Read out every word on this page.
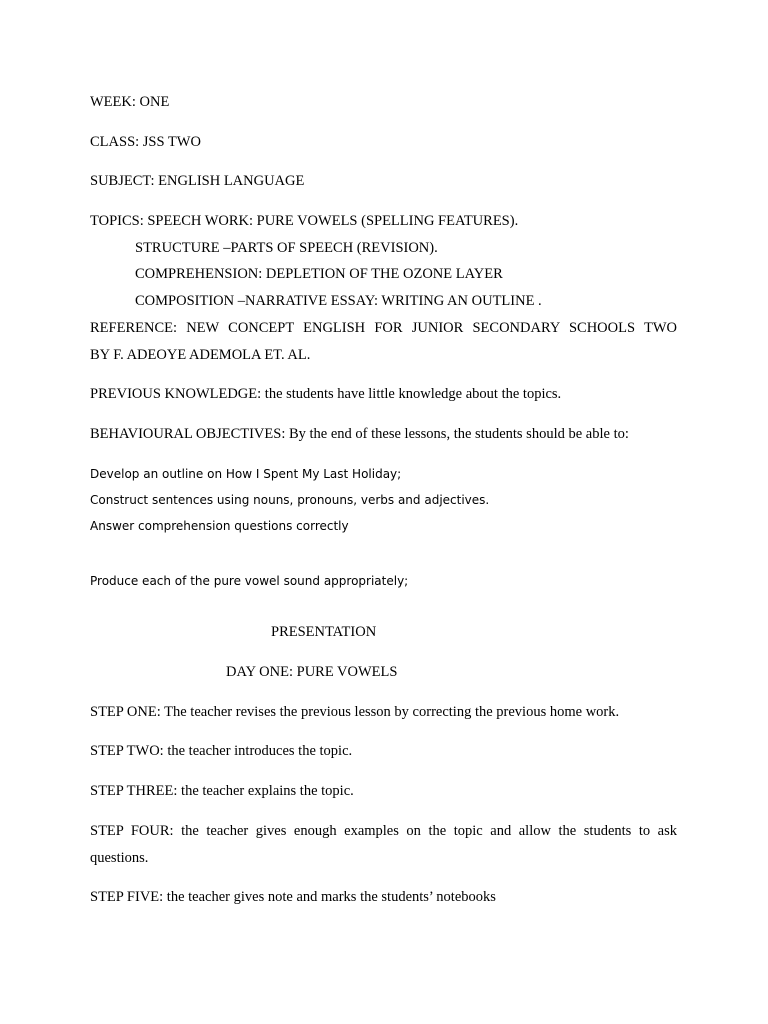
WEEK: ONE
CLASS: JSS TWO
SUBJECT: ENGLISH LANGUAGE
TOPICS: SPEECH WORK: PURE VOWELS (SPELLING FEATURES).
STRUCTURE –PARTS OF SPEECH (REVISION).
COMPREHENSION: DEPLETION OF THE OZONE LAYER
COMPOSITION –NARRATIVE ESSAY: WRITING AN OUTLINE .
REFERENCE: NEW CONCEPT ENGLISH FOR JUNIOR SECONDARY SCHOOLS TWO
BY F. ADEOYE ADEMOLA ET. AL.
PREVIOUS KNOWLEDGE: the students have little knowledge about the topics.
BEHAVIOURAL OBJECTIVES: By the end of these lessons, the students should be able to:
Develop an outline on How I Spent My Last Holiday;
Construct sentences using nouns, pronouns, verbs and adjectives.
Answer comprehension questions correctly
Produce each of the pure vowel sound appropriately;
PRESENTATION
DAY ONE: PURE VOWELS
STEP ONE: The teacher revises the previous lesson by correcting the previous home work.
STEP TWO: the teacher introduces the topic.
STEP THREE: the teacher explains the topic.
STEP FOUR: the teacher gives enough examples on the topic and allow the students to ask
questions.
STEP FIVE: the teacher gives note and marks the students’ notebooks
